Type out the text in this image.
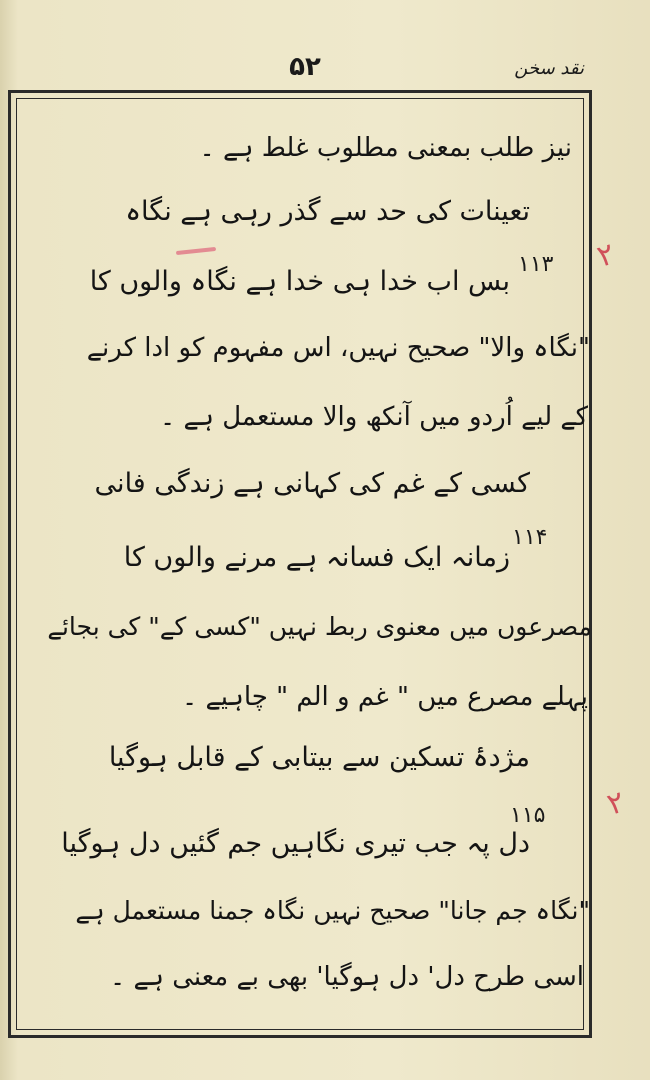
۵۲	نقد سخن
نیز طلب بمعنی مطلوب غلط ہے ۔
تعینات کی حد سے گذر رہی ہے نگاہ
۱۱۳
بس اب خدا ہی خدا ہے نگاہ والوں کا
"نگاہ والا" صحیح نہیں، اس مفہوم کو ادا کرنے
کے لیے اُردو میں آنکھ والا مستعمل ہے ۔
کسی کے غم کی کہانی ہے زندگی فانی
۱۱۴
زمانہ ایک فسانہ ہے مرنے والوں کا
مصرعوں میں معنوی ربط نہیں "کسی کے" کی بجائے
پہلے مصرع میں " غم و الم " چاہیے ۔
مژدۂ تسکین سے بیتابی کے قابل ہوگیا
۱۱۵
دل پہ جب تیری نگاہیں جم گئیں دل ہوگیا
"نگاہ جم جانا" صحیح نہیں نگاہ جمنا مستعمل ہے
اسی طرح دل' دل ہوگیا' بھی بے معنی ہے ۔
۲
۲
